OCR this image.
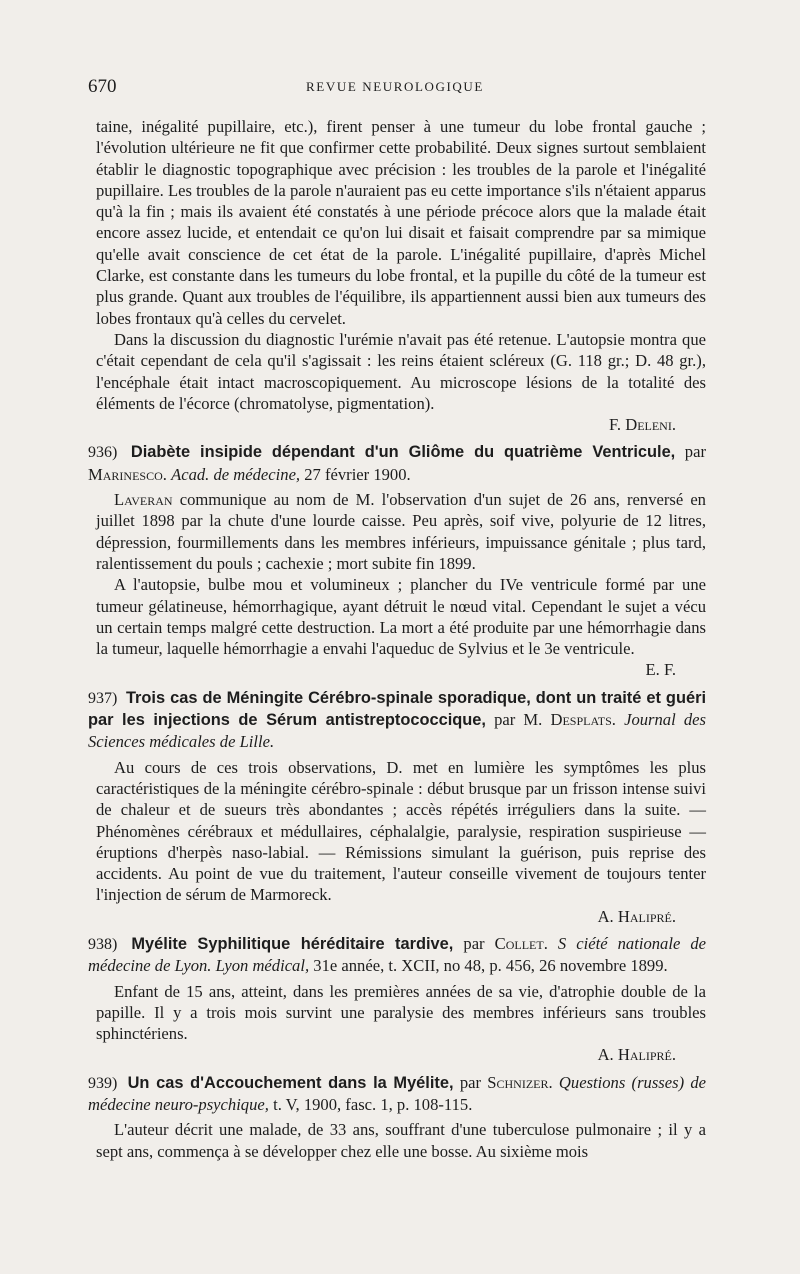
670	REVUE NEUROLOGIQUE

taine, inégalité pupillaire, etc.), firent penser à une tumeur du lobe frontal gauche ; l'évolution ultérieure ne fit que confirmer cette probabilité. Deux signes surtout semblaient établir le diagnostic topographique avec précision : les troubles de la parole et l'inégalité pupillaire. Les troubles de la parole n'auraient pas eu cette importance s'ils n'étaient apparus qu'à la fin ; mais ils avaient été constatés à une période précoce alors que la malade était encore assez lucide, et entendait ce qu'on lui disait et faisait comprendre par sa mimique qu'elle avait conscience de cet état de la parole. L'inégalité pupillaire, d'après Michel Clarke, est constante dans les tumeurs du lobe frontal, et la pupille du côté de la tumeur est plus grande. Quant aux troubles de l'équilibre, ils appartiennent aussi bien aux tumeurs des lobes frontaux qu'à celles du cervelet.

Dans la discussion du diagnostic l'urémie n'avait pas été retenue. L'autopsie montra que c'était cependant de cela qu'il s'agissait : les reins étaient scléreux (G. 118 gr.; D. 48 gr.), l'encéphale était intact macroscopiquement. Au microscope lésions de la totalité des éléments de l'écorce (chromatolyse, pigmentation).

F. Deleni.

936) Diabète insipide dépendant d'un Gliôme du quatrième Ventricule, par Marinesco. Acad. de médecine, 27 février 1900.

Laveran communique au nom de M. l'observation d'un sujet de 26 ans, renversé en juillet 1898 par la chute d'une lourde caisse. Peu après, soif vive, polyurie de 12 litres, dépression, fourmillements dans les membres inférieurs, impuissance génitale ; plus tard, ralentissement du pouls ; cachexie ; mort subite fin 1899.

A l'autopsie, bulbe mou et volumineux ; plancher du IVe ventricule formé par une tumeur gélatineuse, hémorrhagique, ayant détruit le nœud vital. Cependant le sujet a vécu un certain temps malgré cette destruction. La mort a été produite par une hémorrhagie dans la tumeur, laquelle hémorrhagie a envahi l'aqueduc de Sylvius et le 3e ventricule.

E. F.

937) Trois cas de Méningite Cérébro-spinale sporadique, dont un traité et guéri par les injections de Sérum antistreptococcique, par M. Desplats. Journal des Sciences médicales de Lille.

Au cours de ces trois observations, D. met en lumière les symptômes les plus caractéristiques de la méningite cérébro-spinale : début brusque par un frisson intense suivi de chaleur et de sueurs très abondantes ; accès répétés irréguliers dans la suite. — Phénomènes cérébraux et médullaires, céphalalgie, paralysie, respiration suspirieuse — éruptions d'herpès naso-labial. — Rémissions simulant la guérison, puis reprise des accidents. Au point de vue du traitement, l'auteur conseille vivement de toujours tenter l'injection de sérum de Marmoreck.

A. Halipré.

938) Myélite Syphilitique héréditaire tardive, par Collet. S ciété nationale de médecine de Lyon. Lyon médical, 31e année, t. XCII, no 48, p. 456, 26 novembre 1899.

Enfant de 15 ans, atteint, dans les premières années de sa vie, d'atrophie double de la papille. Il y a trois mois survint une paralysie des membres inférieurs sans troubles sphinctériens.

A. Halipré.

939) Un cas d'Accouchement dans la Myélite, par Schnizer. Questions (russes) de médecine neuro-psychique, t. V, 1900, fasc. 1, p. 108-115.

L'auteur décrit une malade, de 33 ans, souffrant d'une tuberculose pulmonaire ; il y a sept ans, commença à se développer chez elle une bosse. Au sixième mois
